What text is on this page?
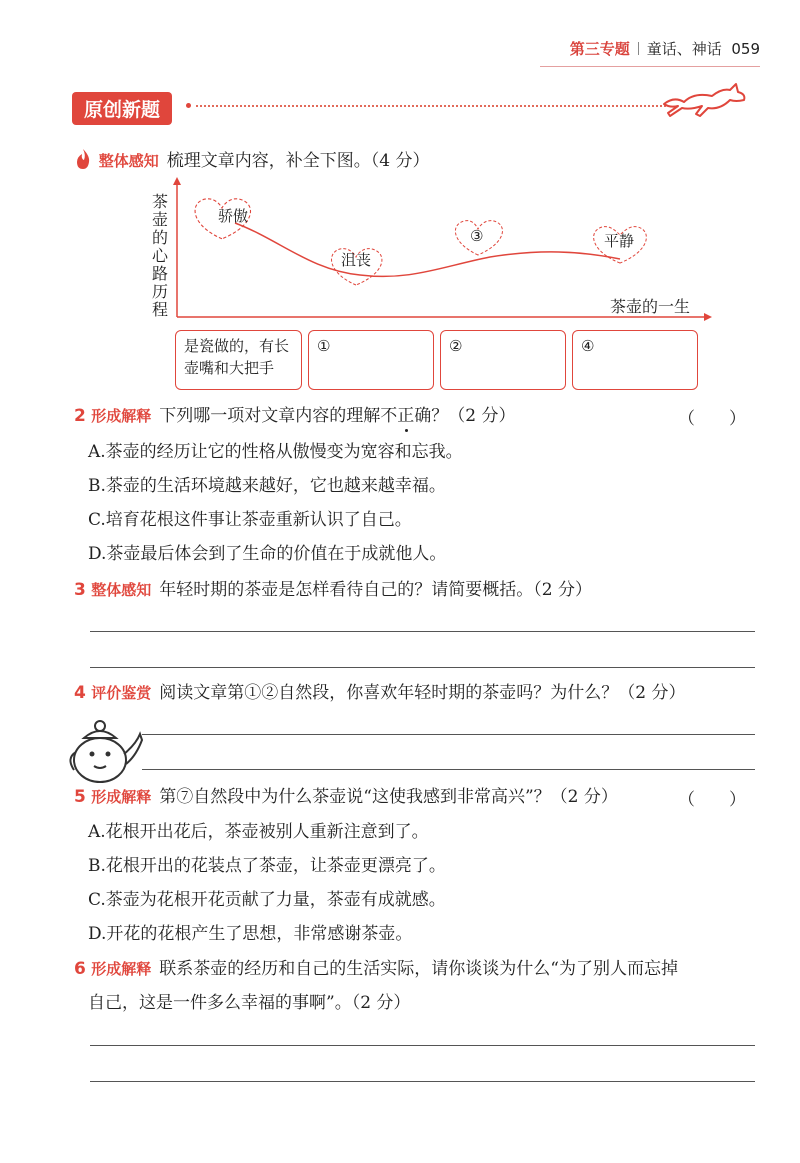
第三专题 童话、神话 059
原创新题
整体感知 梳理文章内容，补全下图。（4 分）
茶壶的心路历程
骄傲
沮丧
③	平静
茶壶的一生
是瓷做的，有长壶嘴和大把手
①	②	④
2 形成解释 下列哪一项对文章内容的理解不正确？（2 分）	（　　）
A.茶壶的经历让它的性格从傲慢变为宽容和忘我。
B.茶壶的生活环境越来越好，它也越来越幸福。
C.培育花根这件事让茶壶重新认识了自己。
D.茶壶最后体会到了生命的价值在于成就他人。
3 整体感知 年轻时期的茶壶是怎样看待自己的？请简要概括。（2 分）
4 评价鉴赏 阅读文章第①②自然段，你喜欢年轻时期的茶壶吗？为什么？（2 分）
5 形成解释 第⑦自然段中为什么茶壶说“这使我感到非常高兴”？（2 分）	（　　）
A.花根开出花后，茶壶被别人重新注意到了。
B.花根开出的花装点了茶壶，让茶壶更漂亮了。
C.茶壶为花根开花贡献了力量，茶壶有成就感。
D.开花的花根产生了思想，非常感谢茶壶。
6 形成解释 联系茶壶的经历和自己的生活实际，请你谈谈为什么“为了别人而忘掉
自己，这是一件多么幸福的事啊”。（2 分）
